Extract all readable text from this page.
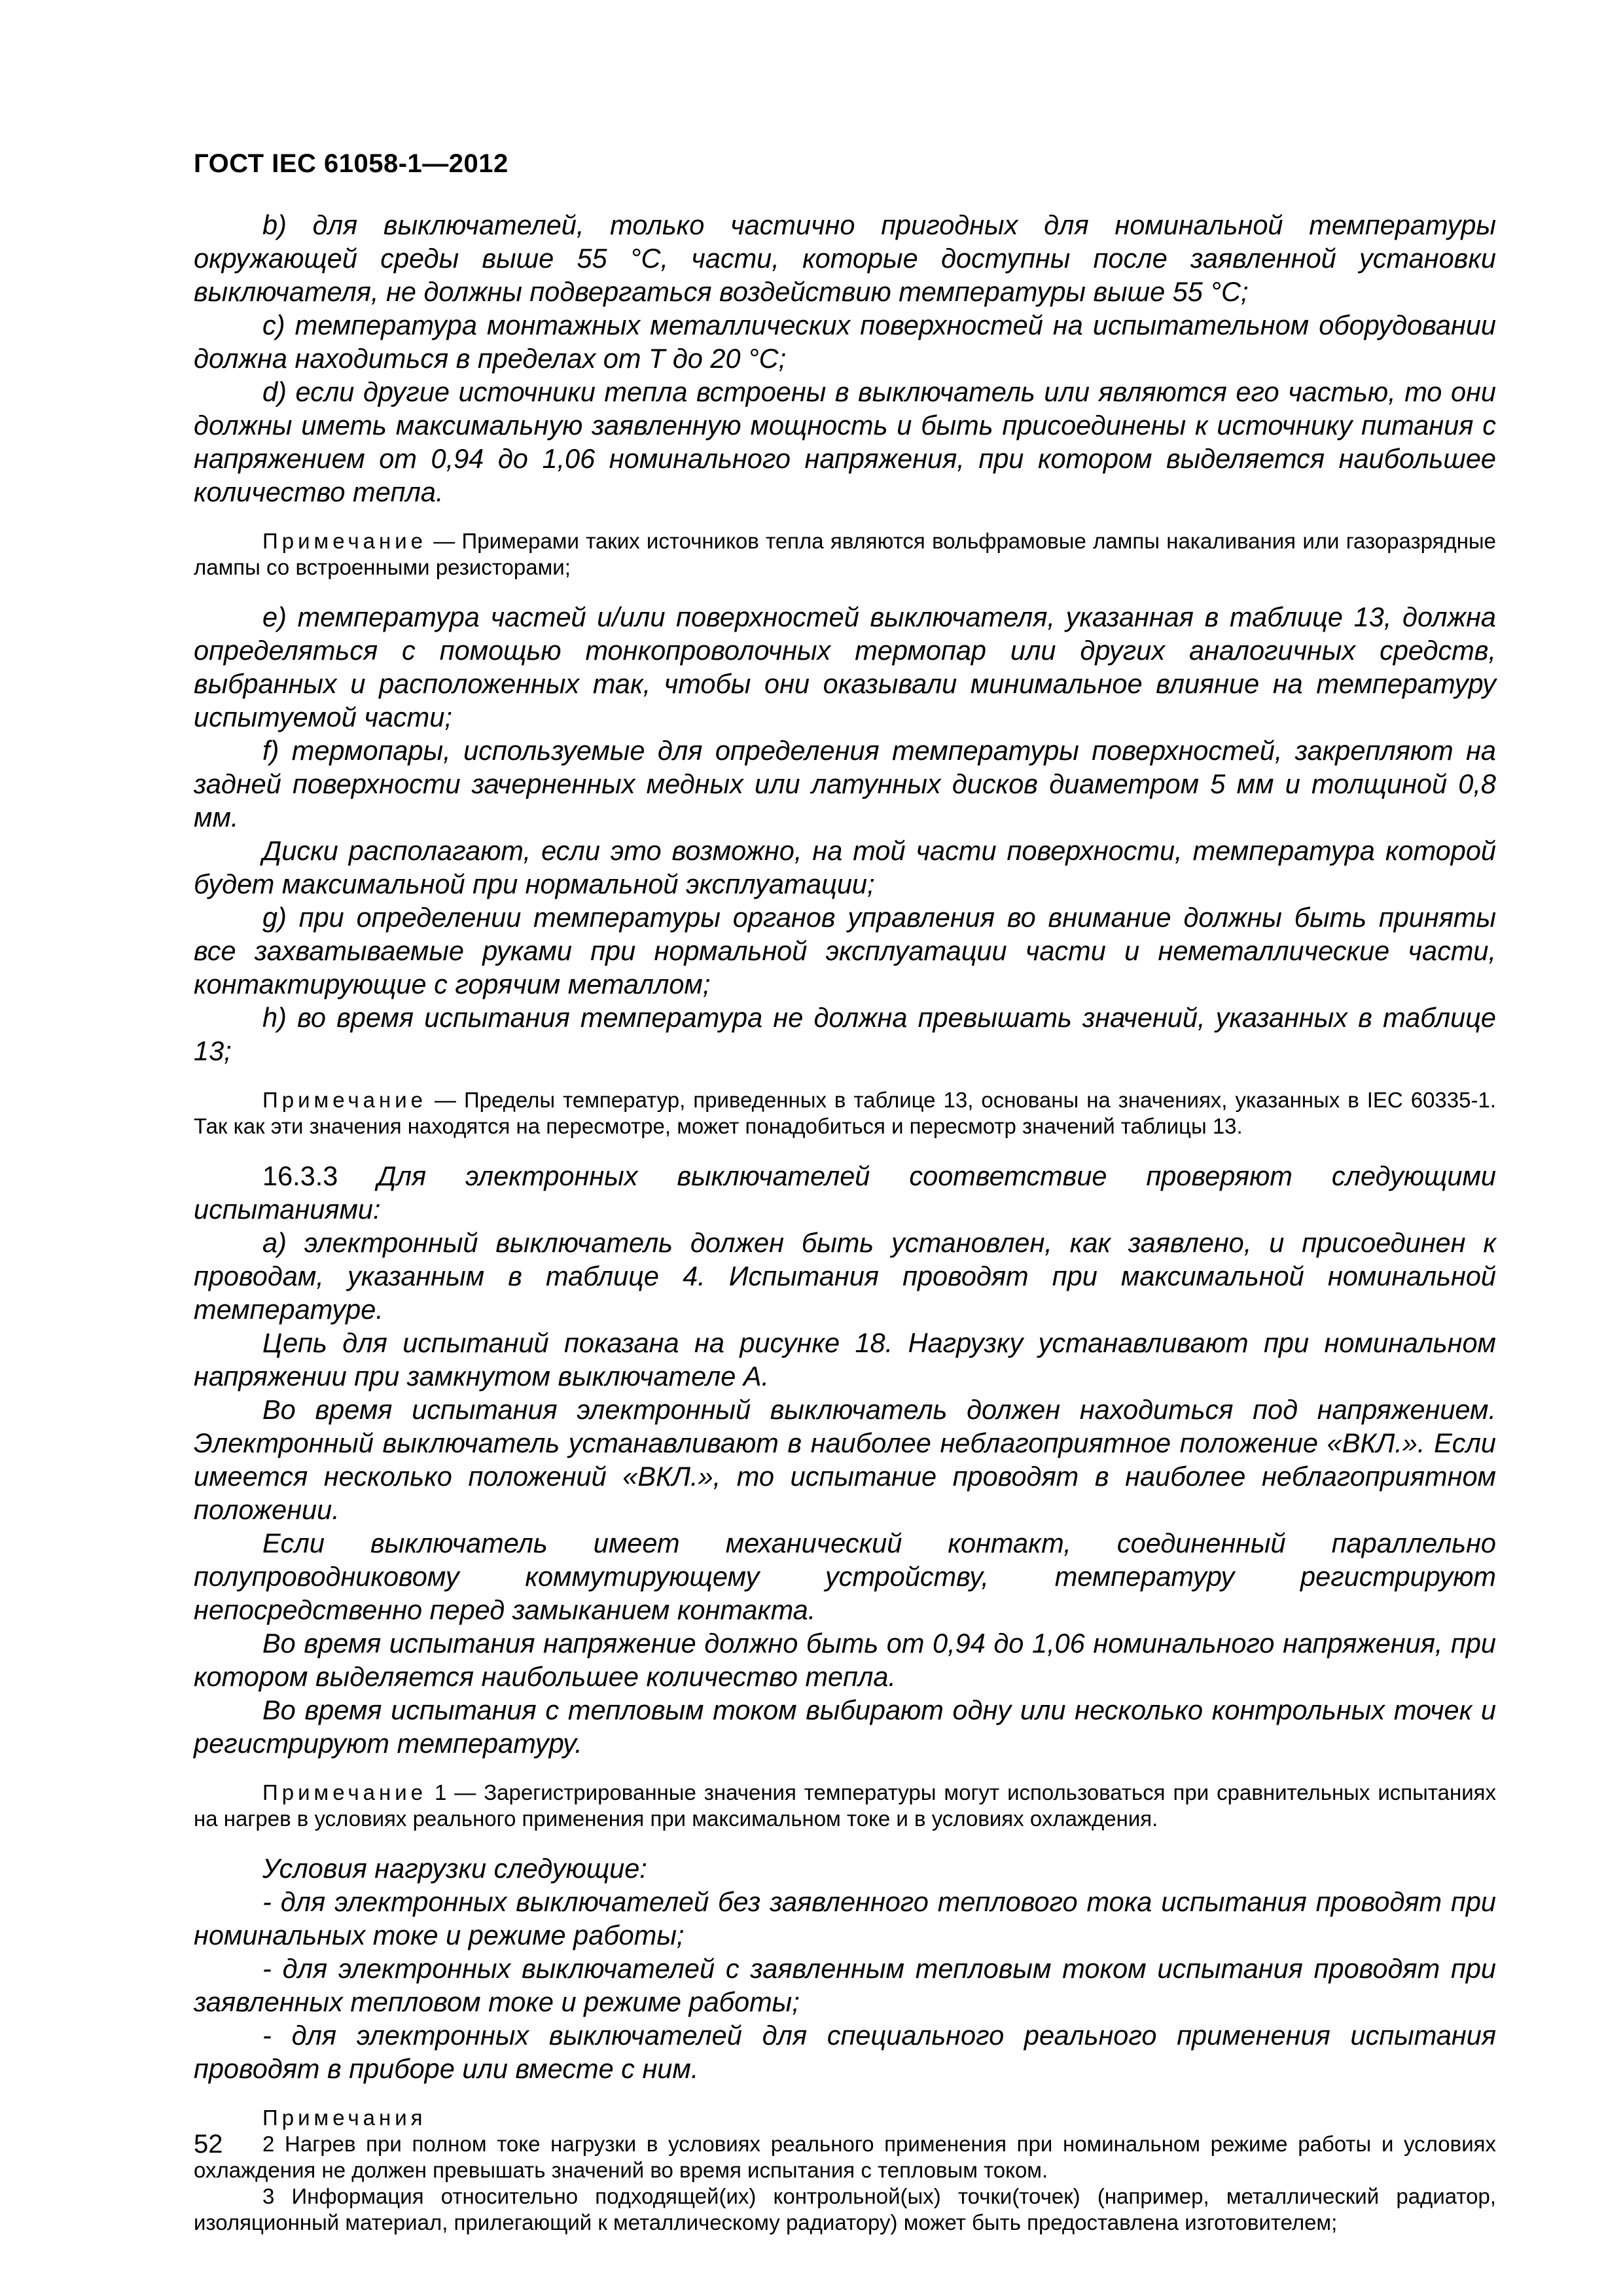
ГОСТ IEC 61058-1—2012

b) для выключателей, только частично пригодных для номинальной температуры окружающей среды выше 55 °С, части, которые доступны после заявленной установки выключателя, не должны подвергаться воздействию температуры выше 55 °С;

с) температура монтажных металлических поверхностей на испытательном оборудовании должна находиться в пределах от Т до 20 °С;

d) если другие источники тепла встроены в выключатель или являются его частью, то они должны иметь максимальную заявленную мощность и быть присоединены к источнику питания с напряжением от 0,94 до 1,06 номинального напряжения, при котором выделяется наибольшее количество тепла.

Примечание — Примерами таких источников тепла являются вольфрамовые лампы накаливания или газоразрядные лампы со встроенными резисторами;

е) температура частей и/или поверхностей выключателя, указанная в таблице 13, должна определяться с помощью тонкопроволочных термопар или других аналогичных средств, выбранных и расположенных так, чтобы они оказывали минимальное влияние на температуру испытуемой части;

f) термопары, используемые для определения температуры поверхностей, закрепляют на задней поверхности зачерненных медных или латунных дисков диаметром 5 мм и толщиной 0,8 мм.

Диски располагают, если это возможно, на той части поверхности, температура которой будет максимальной при нормальной эксплуатации;

g) при определении температуры органов управления во внимание должны быть приняты все захватываемые руками при нормальной эксплуатации части и неметаллические части, контактирующие с горячим металлом;

h) во время испытания температура не должна превышать значений, указанных в таблице 13;

Примечание — Пределы температур, приведенных в таблице 13, основаны на значениях, указанных в IEC 60335-1. Так как эти значения находятся на пересмотре, может понадобиться и пересмотр значений таблицы 13.

16.3.3 Для электронных выключателей соответствие проверяют следующими испытаниями:

а) электронный выключатель должен быть установлен, как заявлено, и присоединен к проводам, указанным в таблице 4. Испытания проводят при максимальной номинальной температуре.

Цепь для испытаний показана на рисунке 18. Нагрузку устанавливают при номинальном напряжении при замкнутом выключателе А.

Во время испытания электронный выключатель должен находиться под напряжением. Электронный выключатель устанавливают в наиболее неблагоприятное положение «ВКЛ.». Если имеется несколько положений «ВКЛ.», то испытание проводят в наиболее неблагоприятном положении.

Если выключатель имеет механический контакт, соединенный параллельно полупроводниковому коммутирующему устройству, температуру регистрируют непосредственно перед замыканием контакта.

Во время испытания напряжение должно быть от 0,94 до 1,06 номинального напряжения, при котором выделяется наибольшее количество тепла.

Во время испытания с тепловым током выбирают одну или несколько контрольных точек и регистрируют температуру.

Примечание 1 — Зарегистрированные значения температуры могут использоваться при сравнительных испытаниях на нагрев в условиях реального применения при максимальном токе и в условиях охлаждения.

Условия нагрузки следующие:

- для электронных выключателей без заявленного теплового тока испытания проводят при номинальных токе и режиме работы;

- для электронных выключателей с заявленным тепловым током испытания проводят при заявленных тепловом токе и режиме работы;

- для электронных выключателей для специального реального применения испытания проводят в приборе или вместе с ним.

Примечания

2 Нагрев при полном токе нагрузки в условиях реального применения при номинальном режиме работы и условиях охлаждения не должен превышать значений во время испытания с тепловым током.

3 Информация относительно подходящей(их) контрольной(ых) точки(точек) (например, металлический радиатор, изоляционный материал, прилегающий к металлическому радиатору) может быть предоставлена изготовителем;

52
